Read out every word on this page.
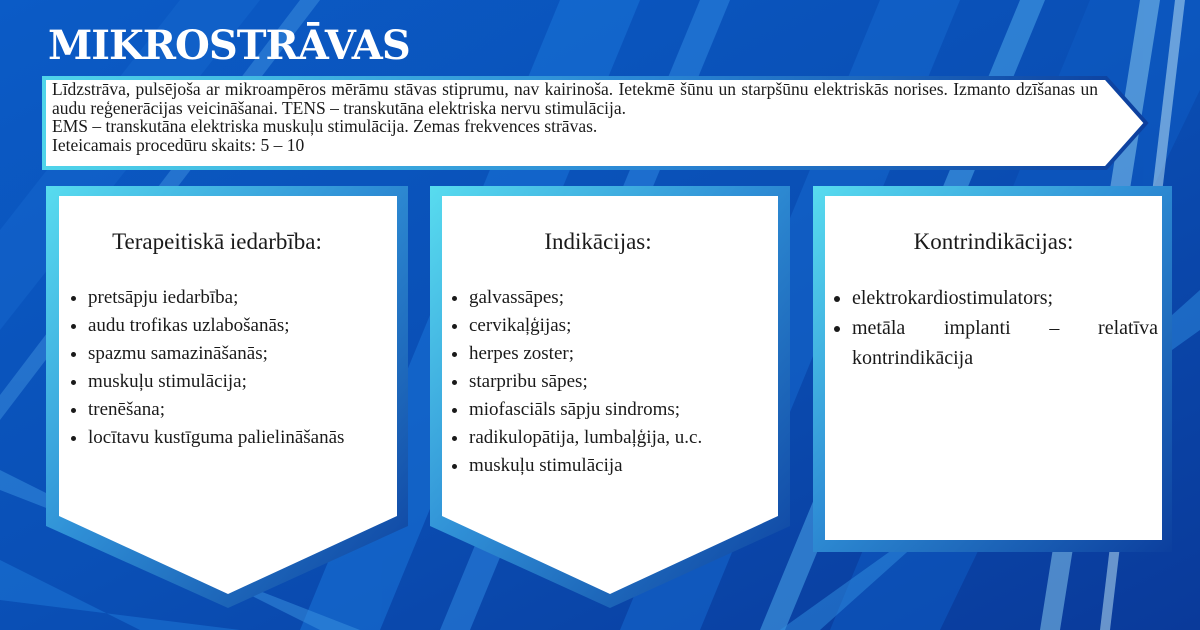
MIKROSTRĀVAS
Līdzstrāva, pulsējoša ar mikroampēros mērāmu stāvas stiprumu, nav kairinoša. Ietekmē šūnu un starpšūnu elektriskās norises. Izmanto dzīšanas un audu reģenerācijas veicināšanai. TENS – transkutāna elektriska nervu stimulācija.
EMS – transkutāna elektriska muskuļu stimulācija. Zemas frekvences strāvas.
Ieteicamais procedūru skaits: 5 – 10

Terapeitiskā iedarbība:

• pretsāpju iedarbība;
• audu trofikas uzlabošanās;
• spazmu samazināšanās;
• muskuļu stimulācija;
• trenēšana;
• locītavu kustīguma palielināšanās

Indikācijas:

• galvassāpes;
• cervikaļģijas;
• herpes zoster;
• starpribu sāpes;
• miofasciāls sāpju sindroms;
• radikulopātija, lumbaļģija, u.c.
• muskuļu stimulācija

Kontrindikācijas:

• elektrokardiostimulators;
• metāla implanti – relatīva kontrindikācija
